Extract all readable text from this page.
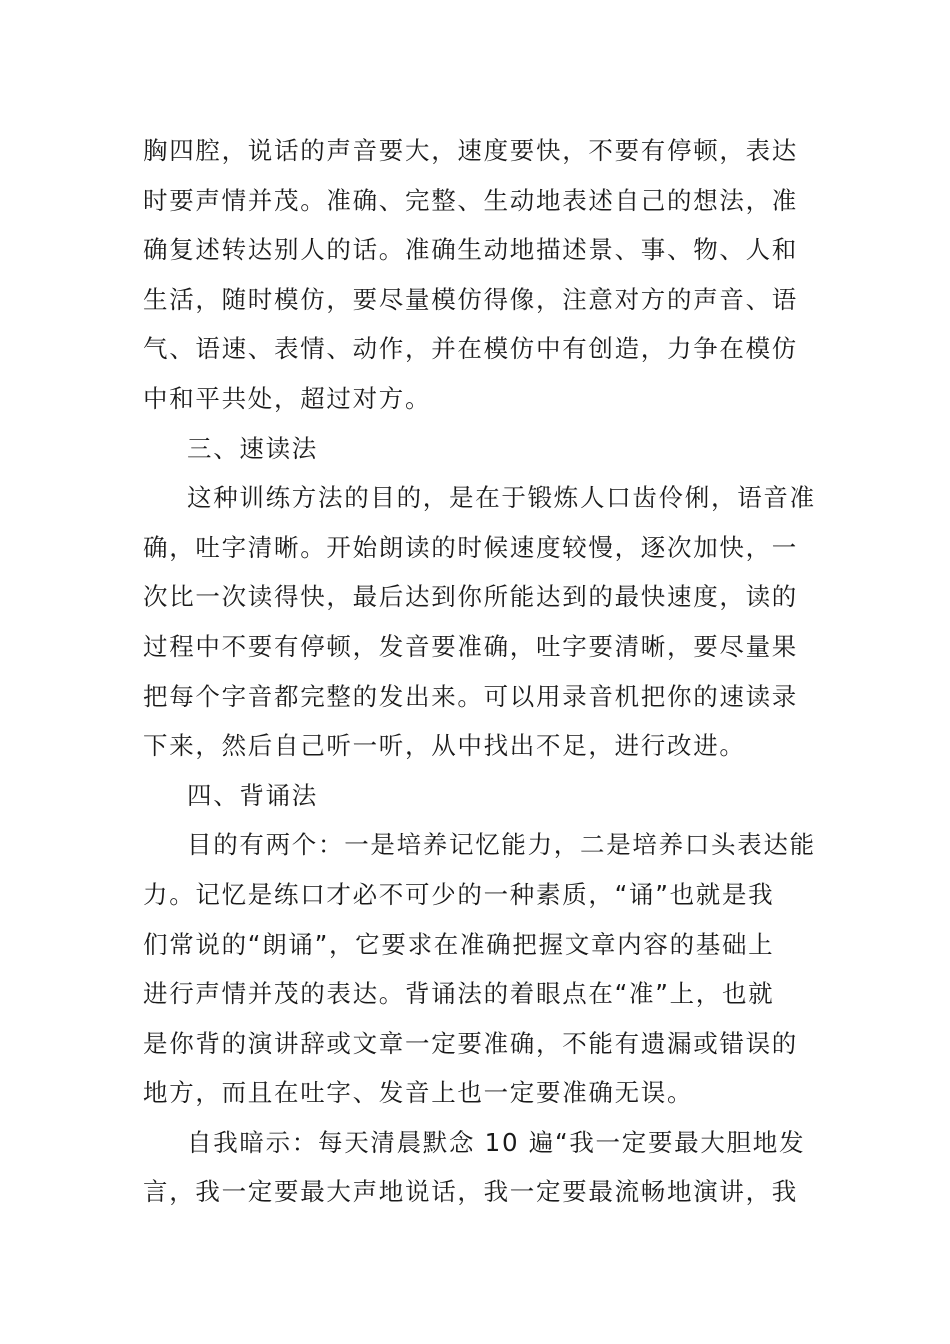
胸四腔，说话的声音要大，速度要快，不要有停顿，表达
时要声情并茂。准确、完整、生动地表述自己的想法，准
确复述转达别人的话。准确生动地描述景、事、物、人和
生活，随时模仿，要尽量模仿得像，注意对方的声音、语
气、语速、表情、动作，并在模仿中有创造，力争在模仿
中和平共处，超过对方。
三、速读法
这种训练方法的目的，是在于锻炼人口齿伶俐，语音准
确，吐字清晰。开始朗读的时候速度较慢，逐次加快，一
次比一次读得快，最后达到你所能达到的最快速度，读的
过程中不要有停顿，发音要准确，吐字要清晰，要尽量果
把每个字音都完整的发出来。可以用录音机把你的速读录
下来，然后自己听一听，从中找出不足，进行改进。
四、背诵法
目的有两个：一是培养记忆能力，二是培养口头表达能
力。记忆是练口才必不可少的一种素质，“诵”也就是我
们常说的“朗诵”，它要求在准确把握文章内容的基础上
进行声情并茂的表达。背诵法的着眼点在“准”上，也就
是你背的演讲辞或文章一定要准确，不能有遗漏或错误的
地方，而且在吐字、发音上也一定要准确无误。
自我暗示：每天清晨默念 10 遍“我一定要最大胆地发
言，我一定要最大声地说话，我一定要最流畅地演讲，我
